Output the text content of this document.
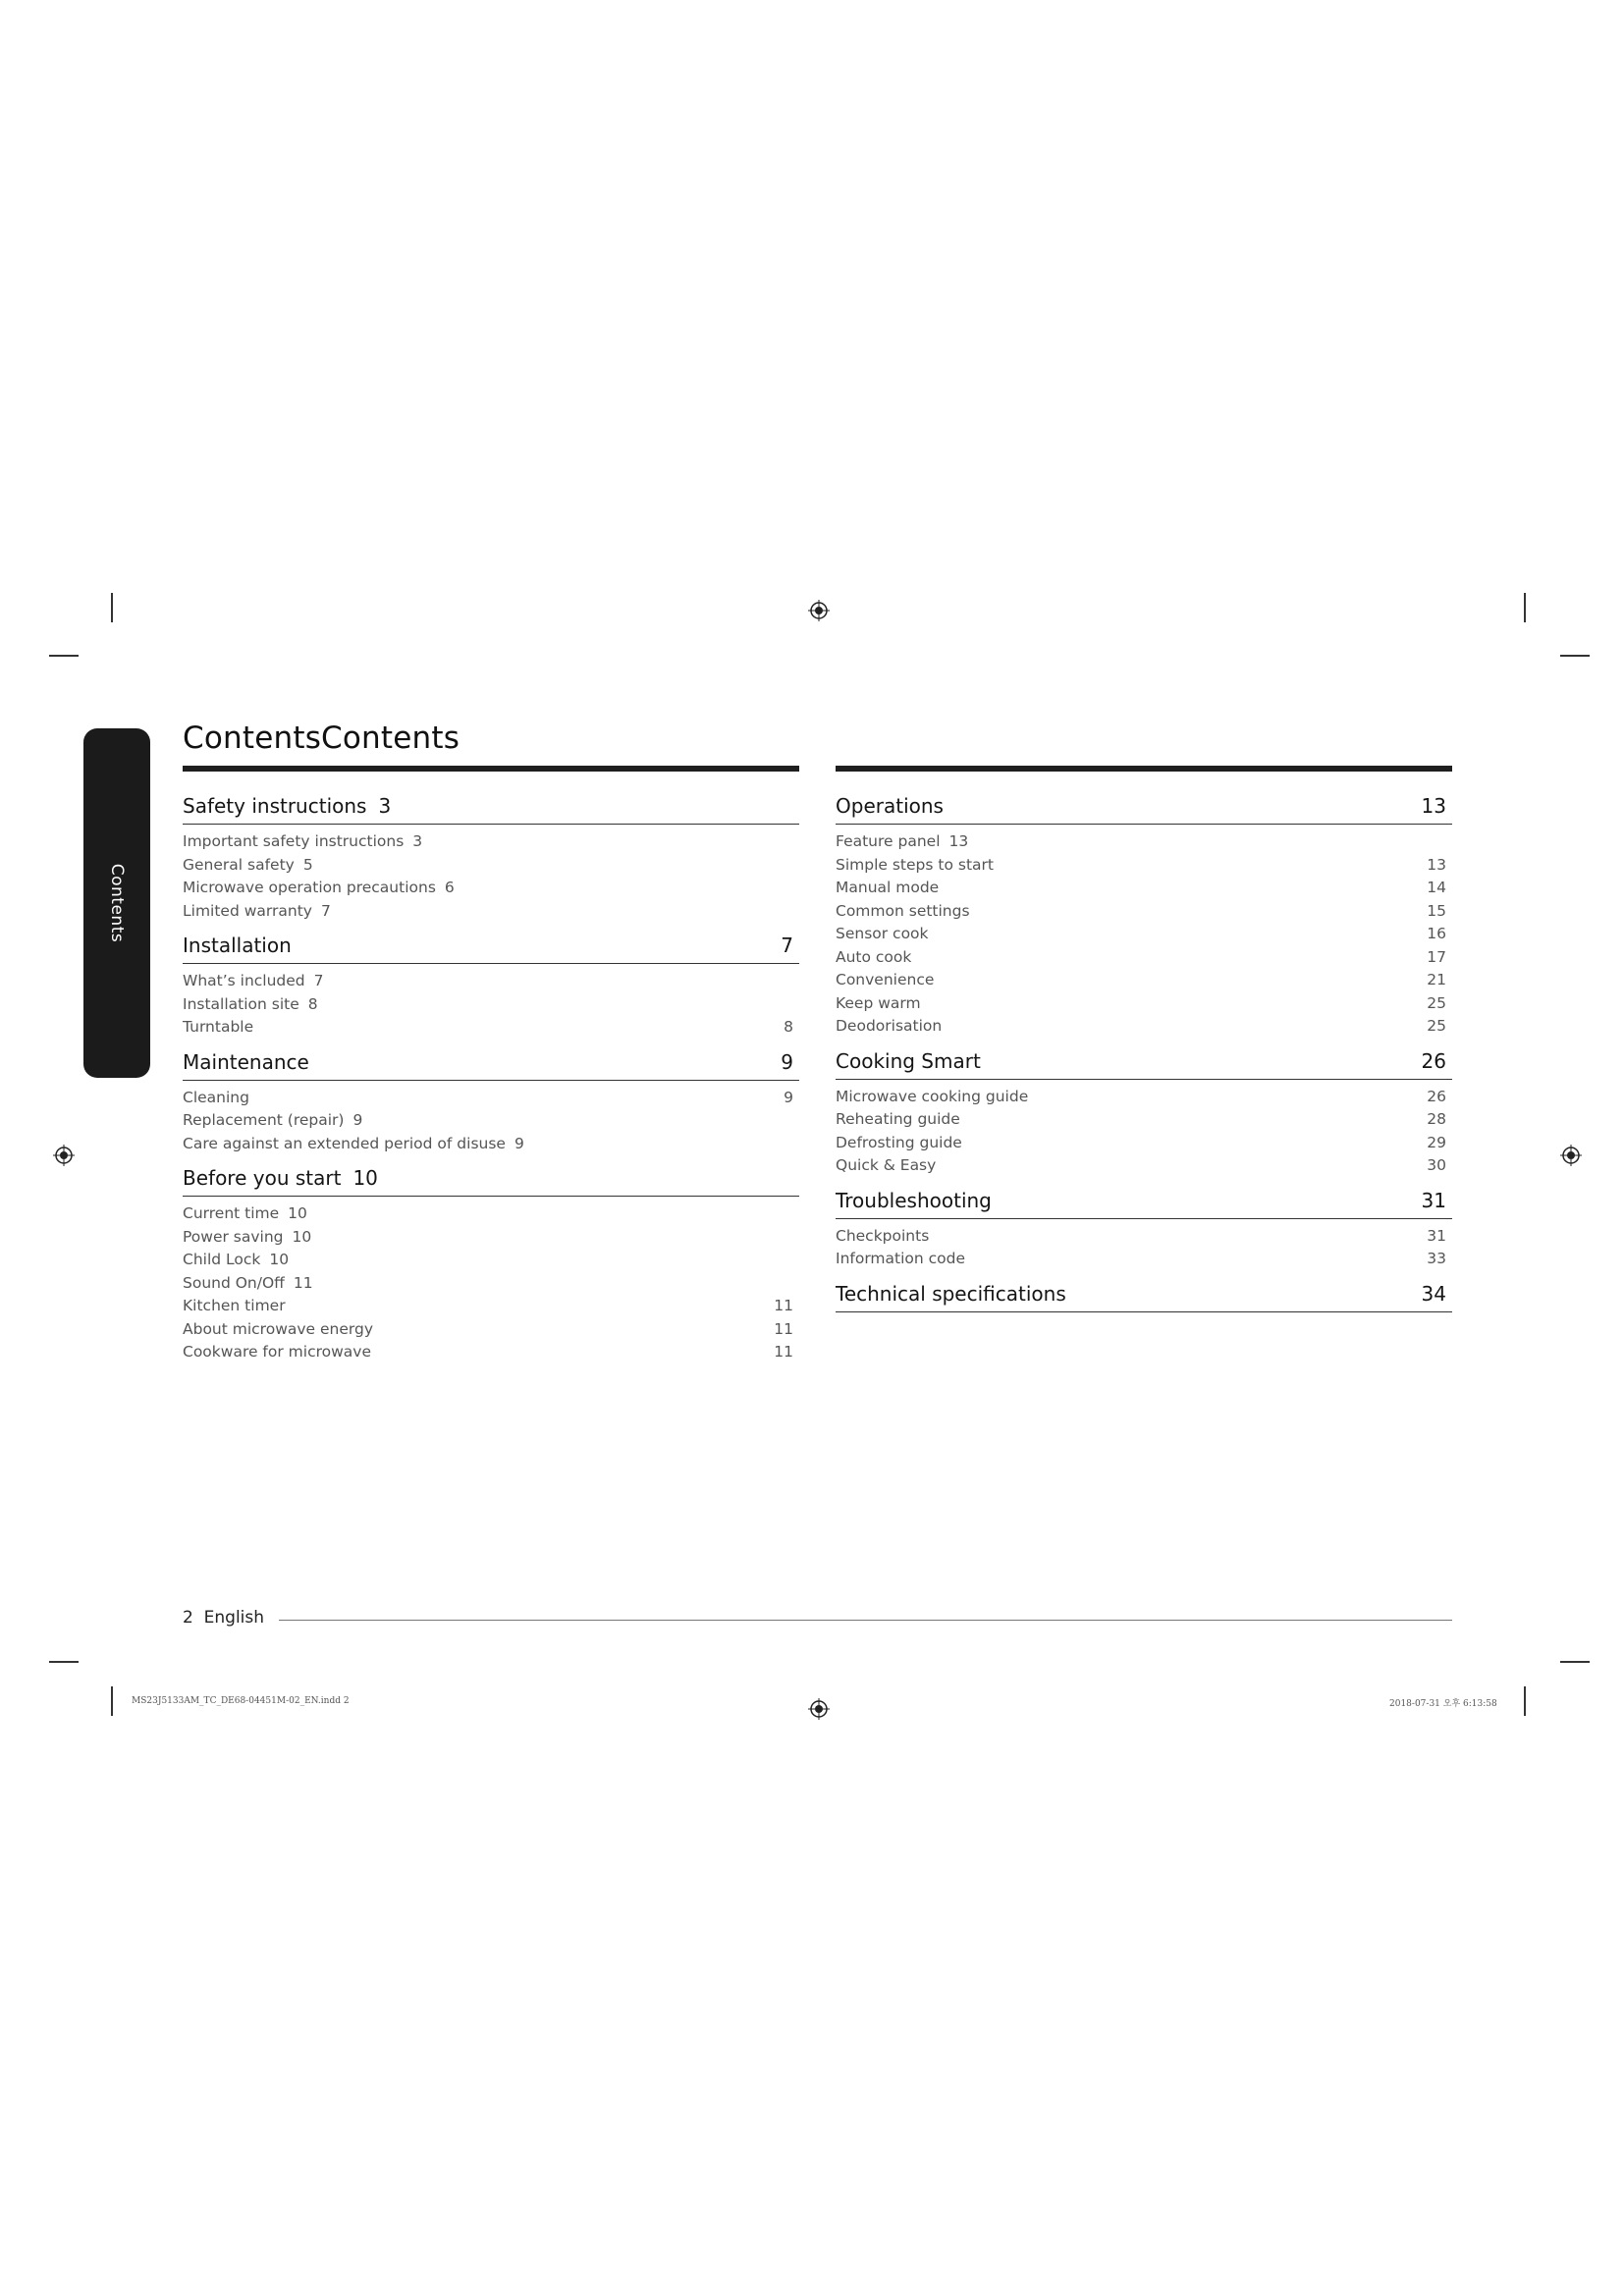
Contents
ContentsContents
Safety instructions 3
Important safety instructions 3
General safety 5
Microwave operation precautions 6
Limited warranty 7
Installation	7
What’s included 7
Installation site 8
Turntable	8
Maintenance	9
Cleaning	9
Replacement (repair) 9
Care against an extended period of disuse 9
Before you start 10
Current time 10
Power saving 10
Child Lock 10
Sound On/Off 11
Kitchen timer	11
About microwave energy	11
Cookware for microwave	11
Operations	13
Feature panel 13
Simple steps to start	13
Manual mode	14
Common settings	15
Sensor cook	16
Auto cook	17
Convenience	21
Keep warm	25
Deodorisation	25
Cooking Smart	26
Microwave cooking guide	26
Reheating guide	28
Defrosting guide	29
Quick & Easy	30
Troubleshooting	31
Checkpoints	31
Information code	33
Technical specifications	34
2 English
MS23J5133AM_TC_DE68-04451M-02_EN.indd 2	2018-07-31 오후 6:13:58
